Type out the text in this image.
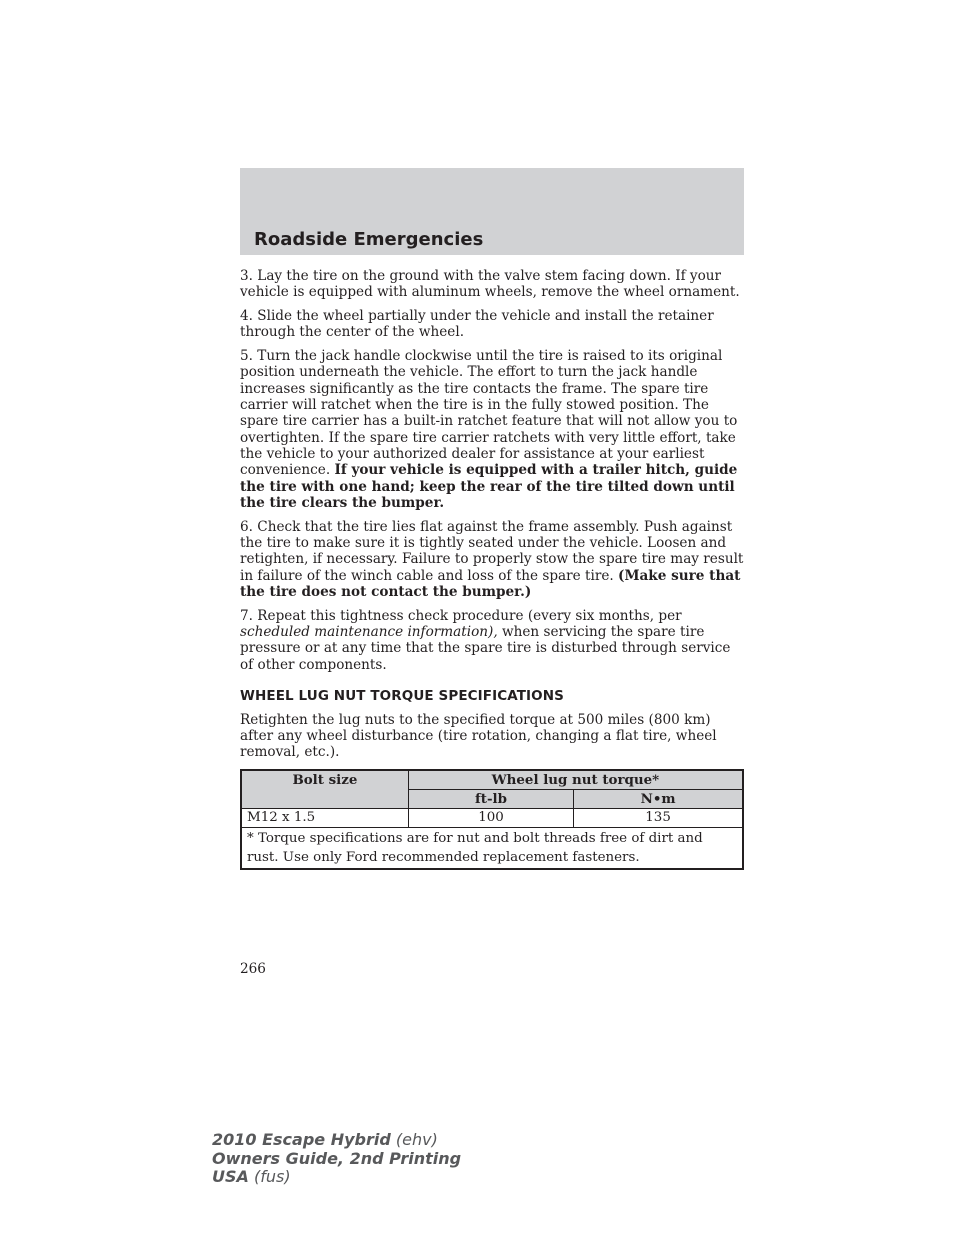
Roadside Emergencies

3. Lay the tire on the ground with the valve stem facing down. If your vehicle is equipped with aluminum wheels, remove the wheel ornament.

4. Slide the wheel partially under the vehicle and install the retainer through the center of the wheel.

5. Turn the jack handle clockwise until the tire is raised to its original position underneath the vehicle. The effort to turn the jack handle increases significantly as the tire contacts the frame. The spare tire carrier will ratchet when the tire is in the fully stowed position. The spare tire carrier has a built-in ratchet feature that will not allow you to overtighten. If the spare tire carrier ratchets with very little effort, take the vehicle to your authorized dealer for assistance at your earliest convenience. If your vehicle is equipped with a trailer hitch, guide the tire with one hand; keep the rear of the tire tilted down until the tire clears the bumper.

6. Check that the tire lies flat against the frame assembly. Push against the tire to make sure it is tightly seated under the vehicle. Loosen and retighten, if necessary. Failure to properly stow the spare tire may result in failure of the winch cable and loss of the spare tire. (Make sure that the tire does not contact the bumper.)

7. Repeat this tightness check procedure (every six months, per scheduled maintenance information), when servicing the spare tire pressure or at any time that the spare tire is disturbed through service of other components.

WHEEL LUG NUT TORQUE SPECIFICATIONS

Retighten the lug nuts to the specified torque at 500 miles (800 km) after any wheel disturbance (tire rotation, changing a flat tire, wheel removal, etc.).

Bolt size	Wheel lug nut torque*	
	ft-lb	N•m
M12 x 1.5	100	135
* Torque specifications are for nut and bolt threads free of dirt and rust. Use only Ford recommended replacement fasteners.		
266
2010 Escape Hybrid (ehv)
Owners Guide, 2nd Printing
USA (fus)
